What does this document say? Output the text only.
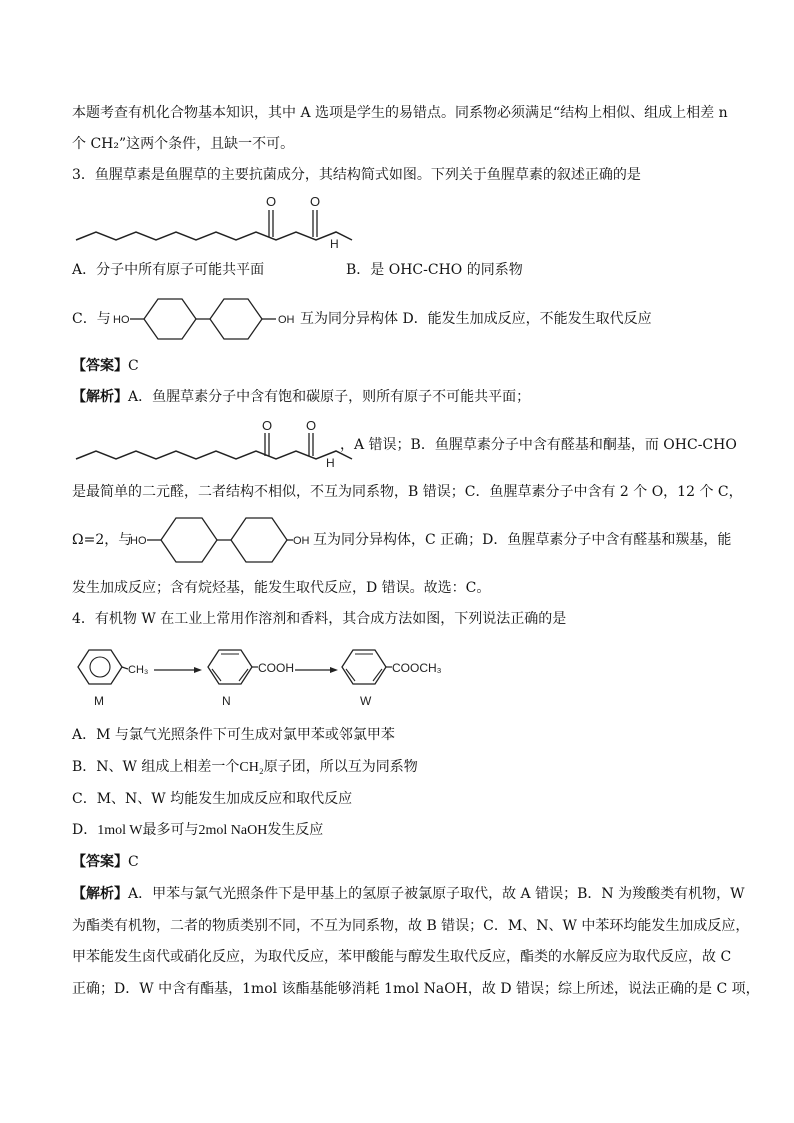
本题考查有机化合物基本知识，其中 A 选项是学生的易错点。同系物必须满足“结构上相似、组成上相差 n
个 CH₂”这两个条件，且缺一不可。
3．鱼腥草素是鱼腥草的主要抗菌成分，其结构简式如图。下列关于鱼腥草素的叙述正确的是
O	O
H
A．分子中所有原子可能共平面	B．是 OHC-CHO 的同系物
C．与 HO	OH 互为同分异构体 D．能发生加成反应，不能发生取代反应
【答案】C
【解析】A．鱼腥草素分子中含有饱和碳原子，则所有原子不可能共平面；
O	O
H
，A 错误；B．鱼腥草素分子中含有醛基和酮基，而 OHC-CHO
是最简单的二元醛，二者结构不相似，不互为同系物，B 错误；C．鱼腥草素分子中含有 2 个 O，12 个 C，
Ω=2，与
HO	OH 互为同分异构体，C 正确；D．鱼腥草素分子中含有醛基和羰基，能
发生加成反应；含有烷烃基，能发生取代反应，D 错误。故选：C。
4．有机物 W 在工业上常用作溶剂和香料，其合成方法如图，下列说法正确的是
CH₃
M
COOH
N
COOCH₃
W
A．M 与氯气光照条件下可生成对氯甲苯或邻氯甲苯
B．N、W 组成上相差一个CH₂原子团，所以互为同系物
C．M、N、W 均能发生加成反应和取代反应
D．1mol W最多可与2mol NaOH发生反应
【答案】C
【解析】A．甲苯与氯气光照条件下是甲基上的氢原子被氯原子取代，故 A 错误；B．N 为羧酸类有机物，W
为酯类有机物，二者的物质类别不同，不互为同系物，故 B 错误；C．M、N、W 中苯环均能发生加成反应，
甲苯能发生卤代或硝化反应，为取代反应，苯甲酸能与醇发生取代反应，酯类的水解反应为取代反应，故 C
正确；D．W 中含有酯基，1mol 该酯基能够消耗 1mol NaOH，故 D 错误；综上所述，说法正确的是 C 项，
